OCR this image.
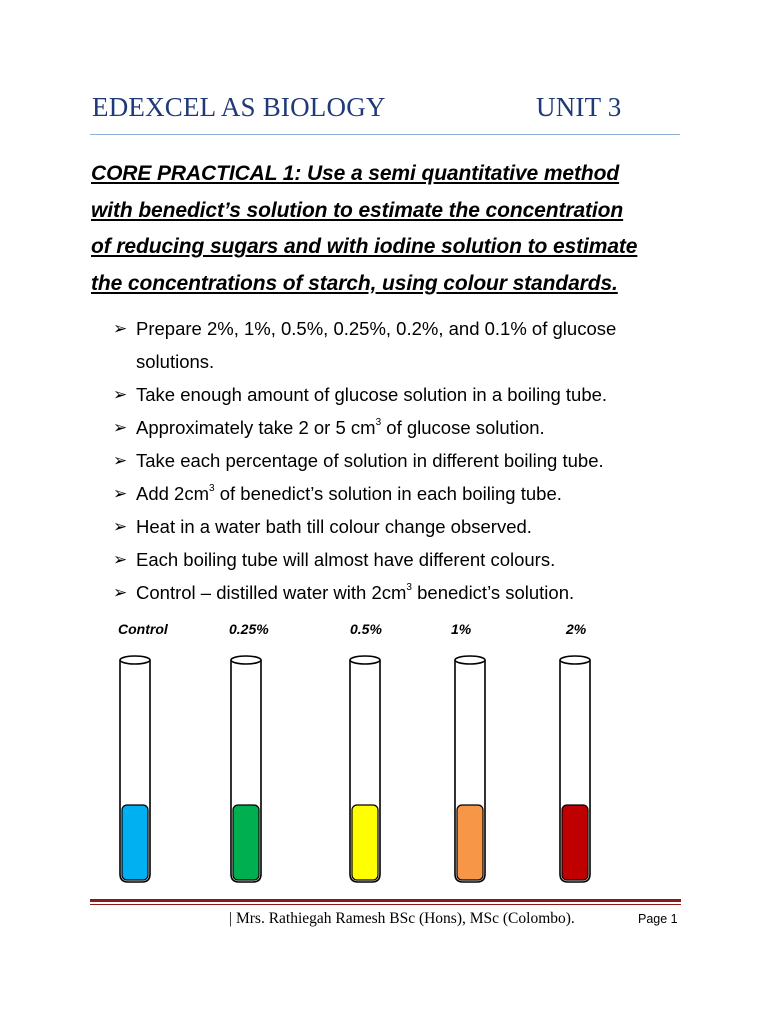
EDEXCEL AS BIOLOGY	UNIT 3
CORE PRACTICAL 1: Use a semi quantitative method
with benedict’s solution to estimate the concentration
of reducing sugars and with iodine solution to estimate
the concentrations of starch, using colour standards.
➢ Prepare 2%, 1%, 0.5%, 0.25%, 0.2%, and 0.1% of glucose
solutions.
➢ Take enough amount of glucose solution in a boiling tube.
➢ Approximately take 2 or 5 $cm^3$ of glucose solution.
➢ Take each percentage of solution in different boiling tube.
➢ Add $2cm^3$ of benedict’s solution in each boiling tube.
➢ Heat in a water bath till colour change observed.
➢ Each boiling tube will almost have different colours.
➢ Control – distilled water with $2cm^3$ benedict’s solution.
Control	0.25%	0.5%	1%	2%
| Mrs. Rathiegah Ramesh BSc (Hons), MSc (Colombo).	Page 1
